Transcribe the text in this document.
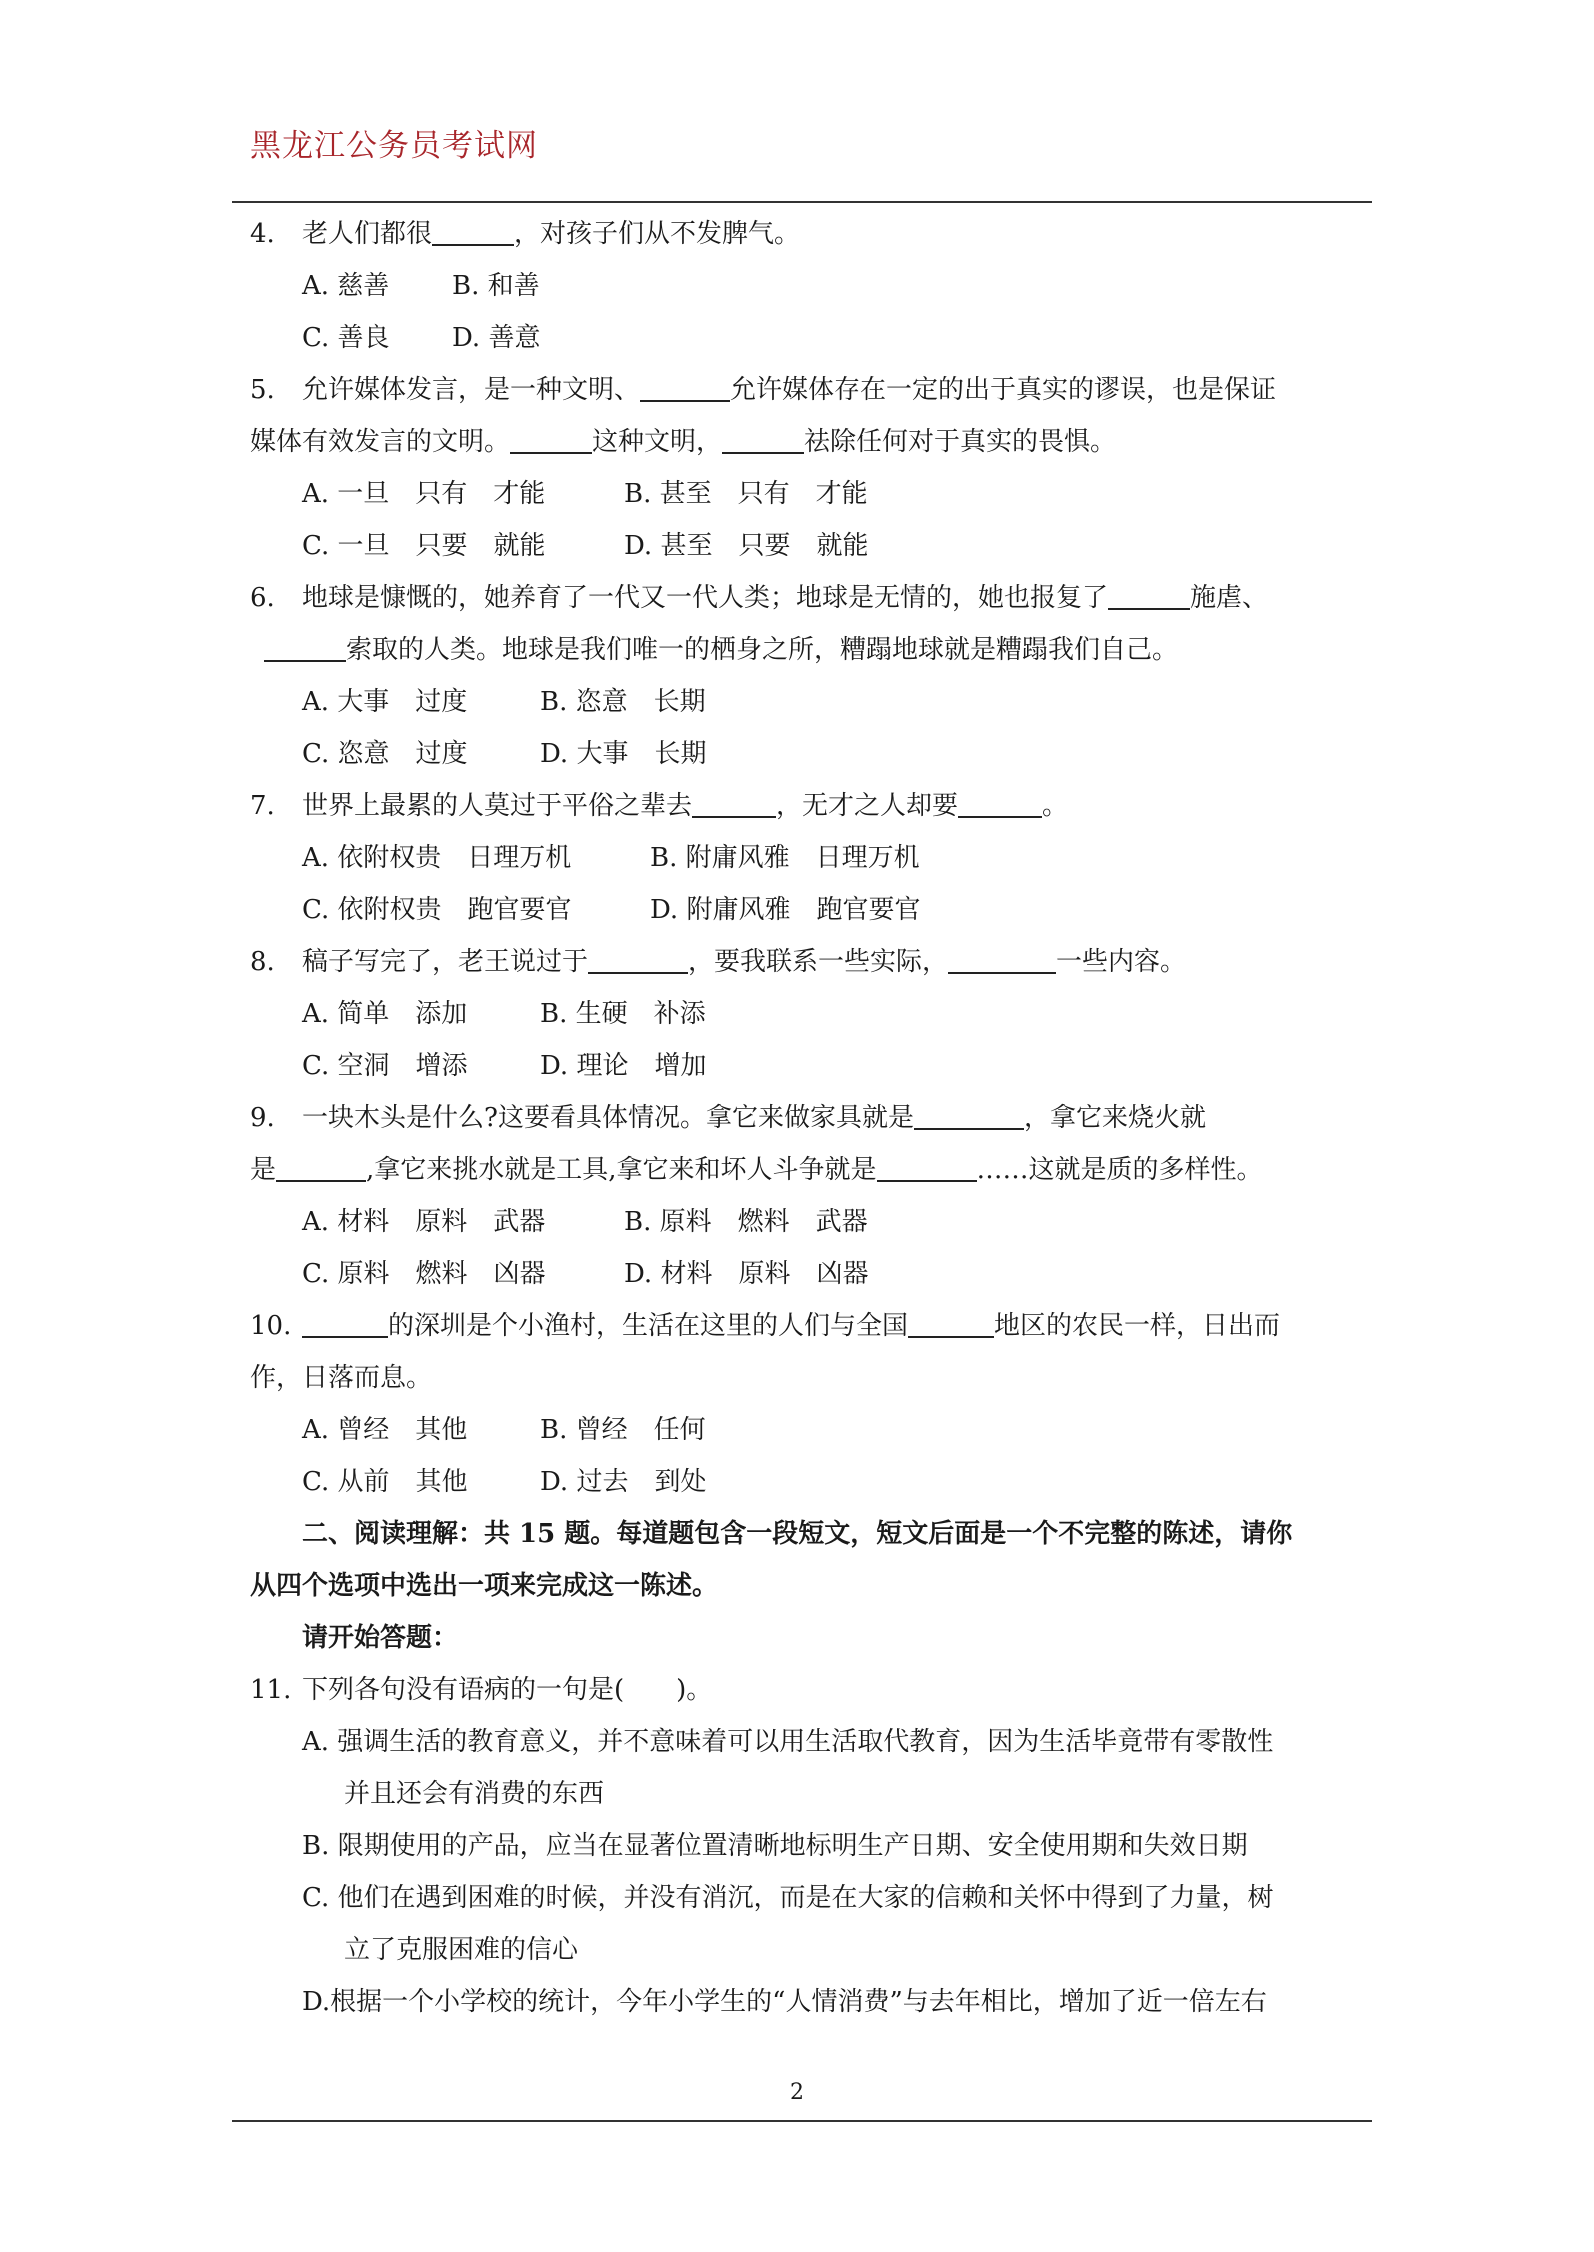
黑龙江公务员考试网
4. 老人们都很	，对孩子们从不发脾气。
A. 慈善 B. 和善
C. 善良 D. 善意
5. 允许媒体发言，是一种文明、	允许媒体存在一定的出于真实的谬误，也是保证
媒体有效发言的文明。	这种文明，	祛除任何对于真实的畏惧。
A. 一旦　只有　才能	B. 甚至　只有　才能
C. 一旦　只要　就能	D. 甚至　只要　就能
6. 地球是慷慨的，她养育了一代又一代人类；地球是无情的，她也报复了	施虐、
索取的人类。地球是我们唯一的栖身之所，糟蹋地球就是糟蹋我们自己。
A. 大事　过度	B. 恣意　长期
C. 恣意　过度	D. 大事　长期
7. 世界上最累的人莫过于平俗之辈去	，无才之人却要	。
A. 依附权贵　日理万机	B. 附庸风雅　日理万机
C. 依附权贵　跑官要官	D. 附庸风雅　跑官要官
8. 稿子写完了，老王说过于	，要我联系一些实际，	一些内容。
A. 简单　添加	B. 生硬　补添
C. 空洞　增添	D. 理论　增加
9. 一块木头是什么?这要看具体情况。拿它来做家具就是	，拿它来烧火就
是	,拿它来挑水就是工具,拿它来和坏人斗争就是	……这就是质的多样性。
A. 材料　原料　武器	B. 原料　燃料　武器
C. 原料　燃料　凶器	D. 材料　原料　凶器
10.	的深圳是个小渔村，生活在这里的人们与全国	地区的农民一样，日出而
作，日落而息。
A. 曾经　其他	B. 曾经　任何
C. 从前　其他	D. 过去　到处
二、阅读理解：共 15 题。每道题包含一段短文，短文后面是一个不完整的陈述，请你
从四个选项中选出一项来完成这一陈述。
请开始答题：
11. 下列各句没有语病的一句是(　　)。
A. 强调生活的教育意义，并不意味着可以用生活取代教育，因为生活毕竟带有零散性
并且还会有消费的东西
B. 限期使用的产品，应当在显著位置清晰地标明生产日期、安全使用期和失效日期
C. 他们在遇到困难的时候，并没有消沉，而是在大家的信赖和关怀中得到了力量，树
立了克服困难的信心
D.根据一个小学校的统计，今年小学生的“人情消费”与去年相比，增加了近一倍左右
2
